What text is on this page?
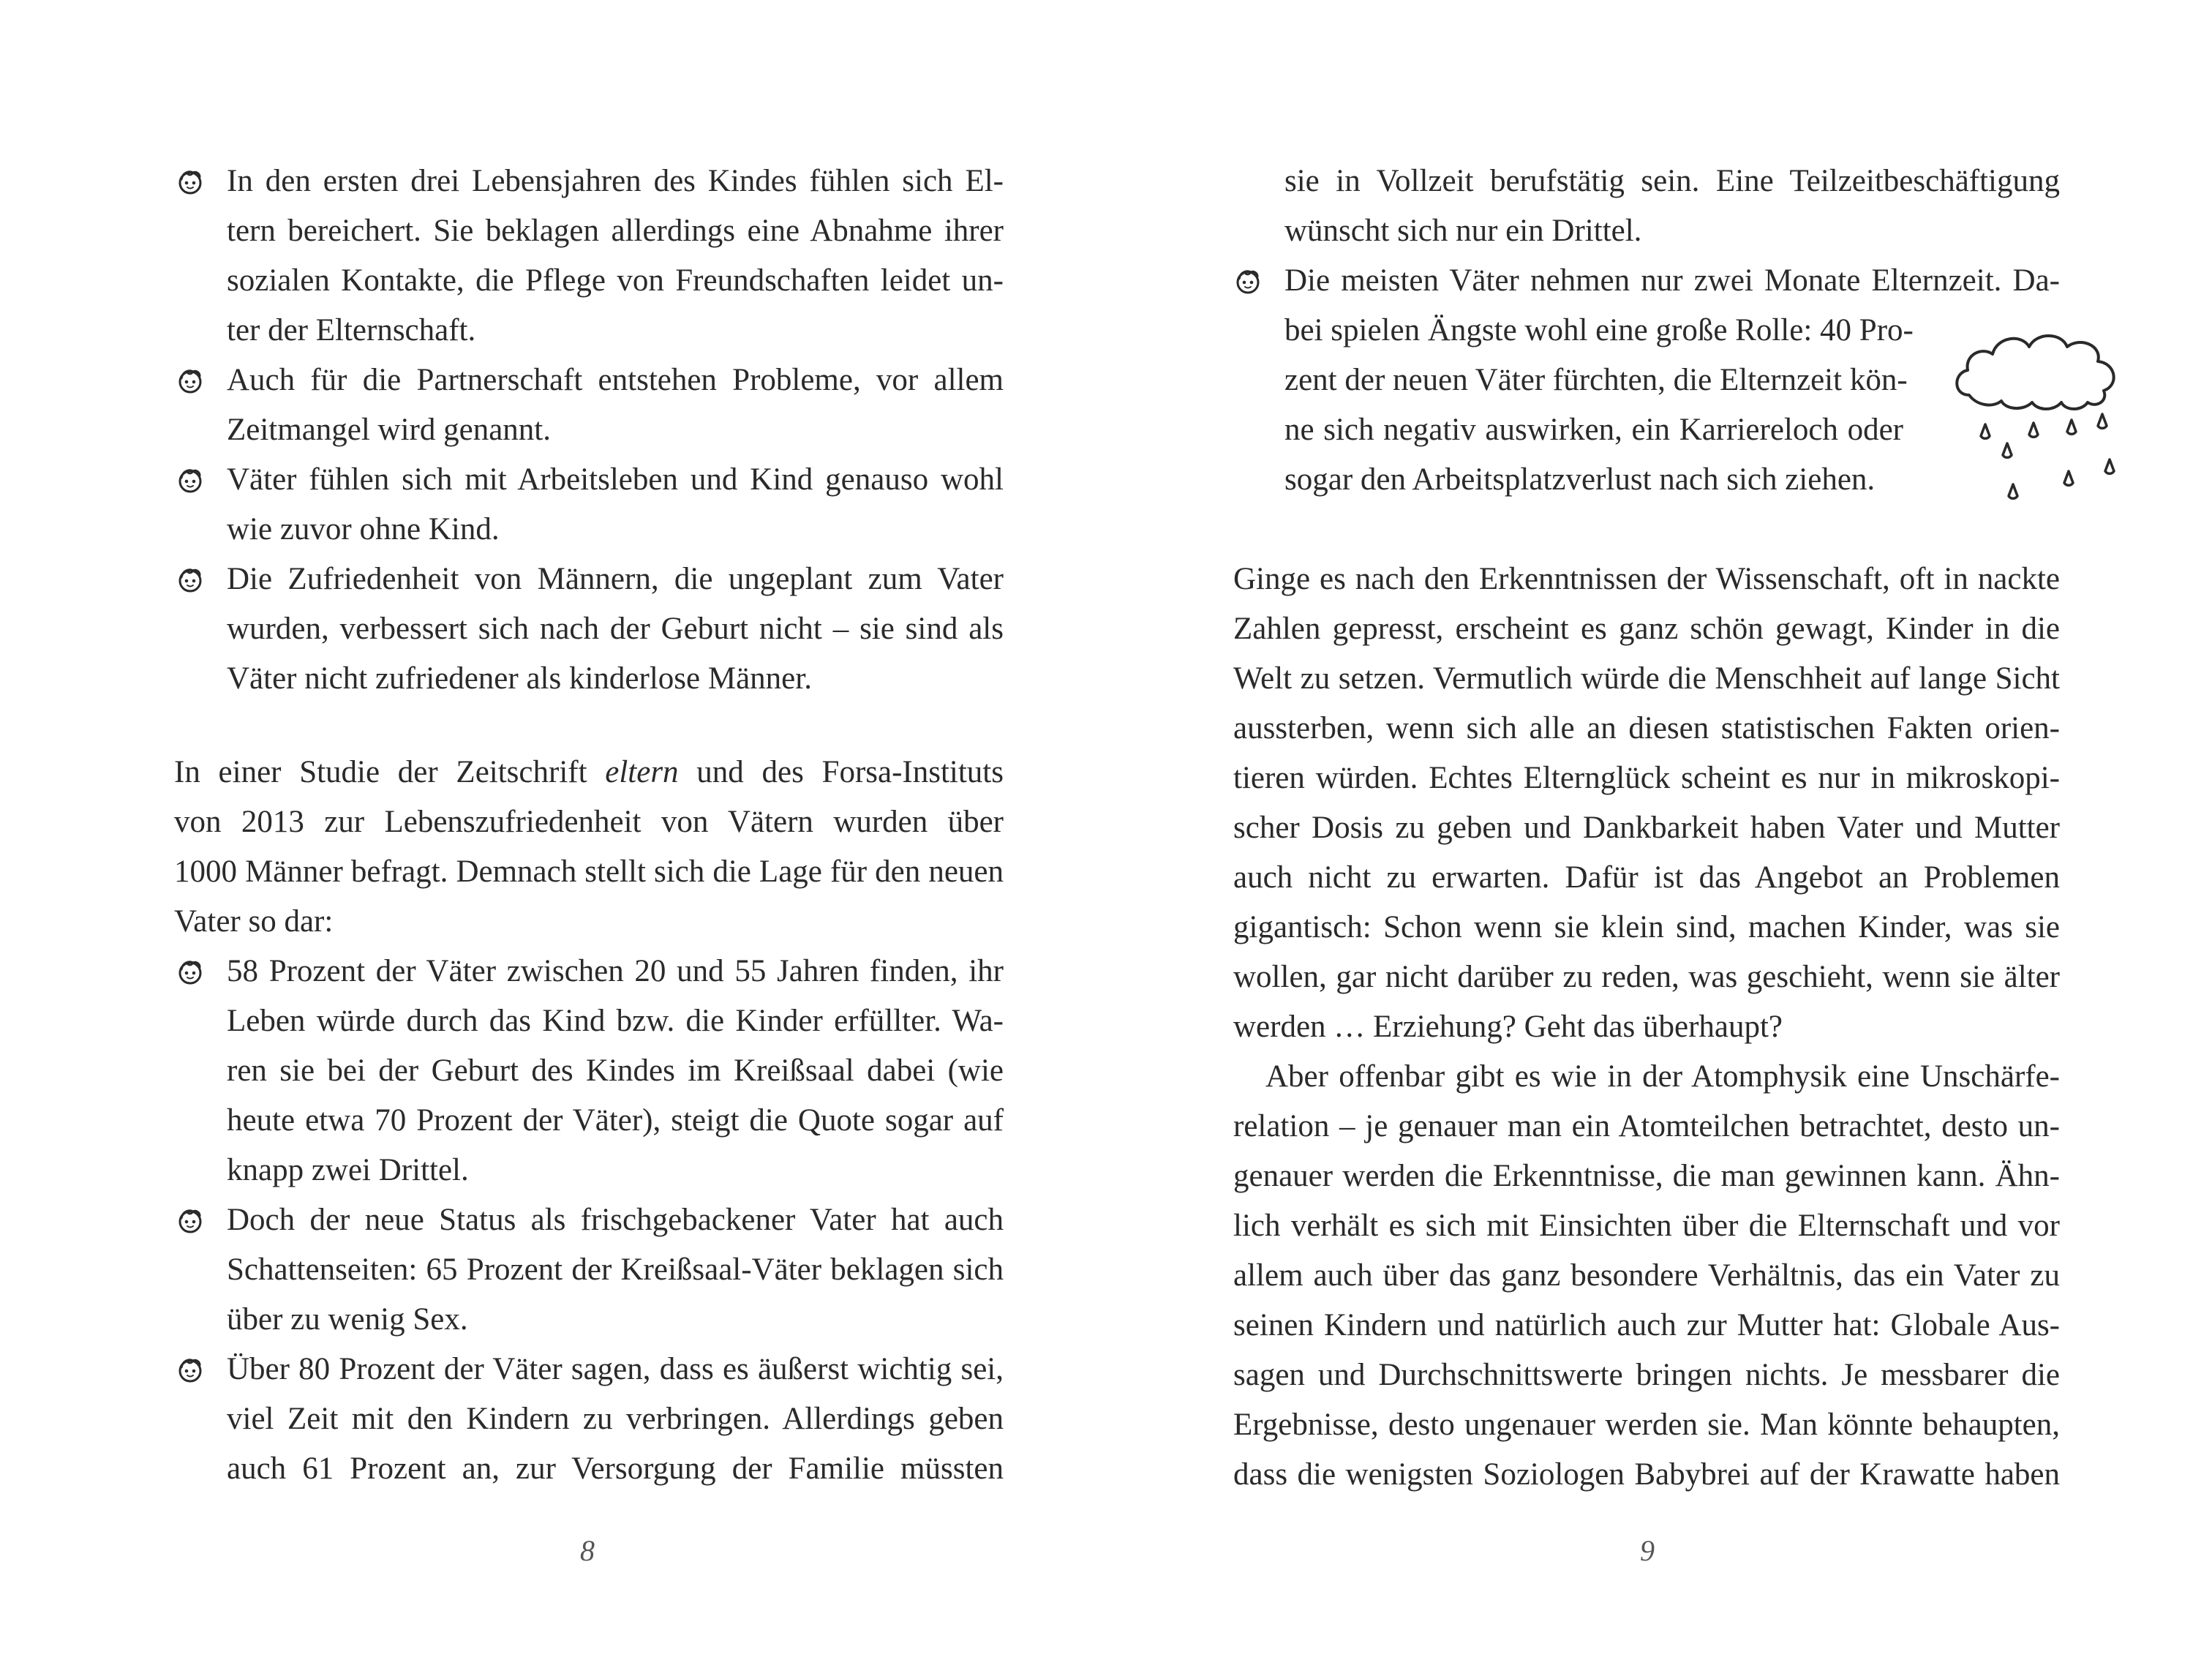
In den ersten drei Lebensjahren des Kindes fühlen sich El-
tern bereichert. Sie beklagen allerdings eine Abnahme ihrer
sozialen Kontakte, die Pflege von Freundschaften leidet un-
ter der Elternschaft.
Auch für die Partnerschaft entstehen Probleme, vor allem
Zeitmangel wird genannt.
Väter fühlen sich mit Arbeitsleben und Kind genauso wohl
wie zuvor ohne Kind.
Die Zufriedenheit von Männern, die ungeplant zum Vater
wurden, verbessert sich nach der Geburt nicht – sie sind als
Väter nicht zufriedener als kinderlose Männer.
In einer Studie der Zeitschrift eltern und des Forsa-Instituts
von 2013 zur Lebenszufriedenheit von Vätern wurden über
1000 Männer befragt. Demnach stellt sich die Lage für den neuen
Vater so dar:
58 Prozent der Väter zwischen 20 und 55 Jahren finden, ihr
Leben würde durch das Kind bzw. die Kinder erfüllter. Wa-
ren sie bei der Geburt des Kindes im Kreißsaal dabei (wie
heute etwa 70 Prozent der Väter), steigt die Quote sogar auf
knapp zwei Drittel.
Doch der neue Status als frischgebackener Vater hat auch
Schattenseiten: 65 Prozent der Kreißsaal-Väter beklagen sich
über zu wenig Sex.
Über 80 Prozent der Väter sagen, dass es äußerst wichtig sei,
viel Zeit mit den Kindern zu verbringen. Allerdings geben
auch 61 Prozent an, zur Versorgung der Familie müssten
8
sie in Vollzeit berufstätig sein. Eine Teilzeitbeschäftigung
wünscht sich nur ein Drittel.
Die meisten Väter nehmen nur zwei Monate Elternzeit. Da-
bei spielen Ängste wohl eine große Rolle: 40 Pro-
zent der neuen Väter fürchten, die Elternzeit kön-
ne sich negativ auswirken, ein Karriereloch oder
sogar den Arbeitsplatzverlust nach sich ziehen.
Ginge es nach den Erkenntnissen der Wissenschaft, oft in nackte
Zahlen gepresst, erscheint es ganz schön gewagt, Kinder in die
Welt zu setzen. Vermutlich würde die Menschheit auf lange Sicht
aussterben, wenn sich alle an diesen statistischen Fakten orien-
tieren würden. Echtes Elternglück scheint es nur in mikroskopi-
scher Dosis zu geben und Dankbarkeit haben Vater und Mutter
auch nicht zu erwarten. Dafür ist das Angebot an Problemen
gigantisch: Schon wenn sie klein sind, machen Kinder, was sie
wollen, gar nicht darüber zu reden, was geschieht, wenn sie älter
werden … Erziehung? Geht das überhaupt?
Aber offenbar gibt es wie in der Atomphysik eine Unschärfe-
relation – je genauer man ein Atomteilchen betrachtet, desto un-
genauer werden die Erkenntnisse, die man gewinnen kann. Ähn-
lich verhält es sich mit Einsichten über die Elternschaft und vor
allem auch über das ganz besondere Verhältnis, das ein Vater zu
seinen Kindern und natürlich auch zur Mutter hat: Globale Aus-
sagen und Durchschnittswerte bringen nichts. Je messbarer die
Ergebnisse, desto ungenauer werden sie. Man könnte behaupten,
dass die wenigsten Soziologen Babybrei auf der Krawatte haben
9
